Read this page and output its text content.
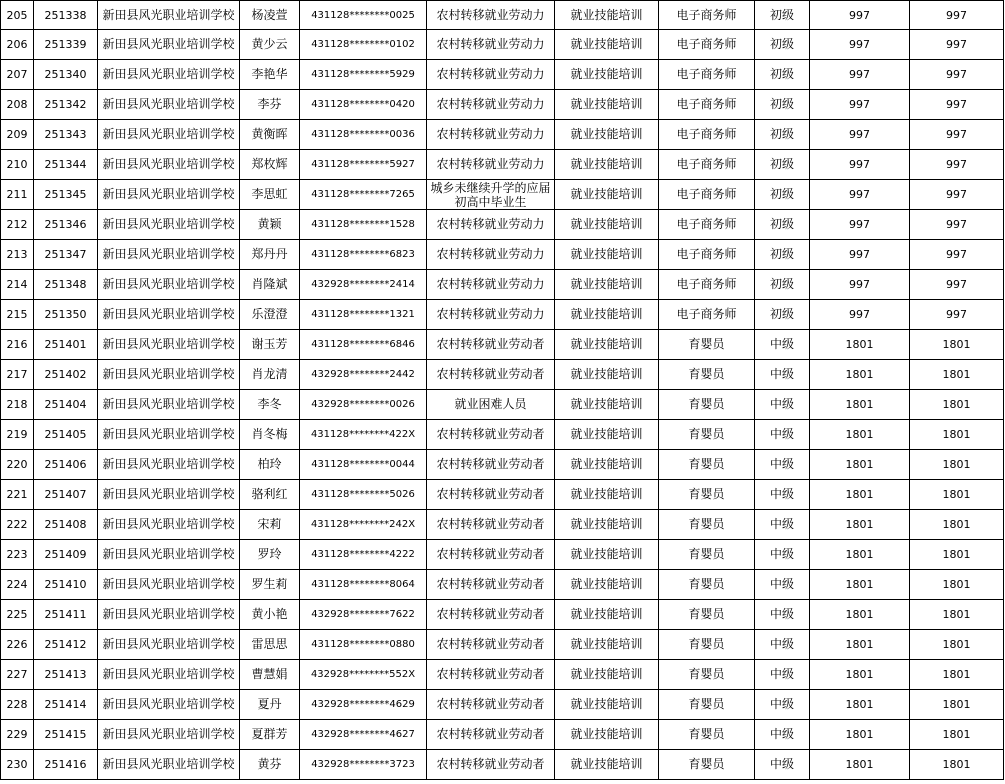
205	251338	新田县风光职业培训学校	杨凌萱	431128********0025	农村转移就业劳动力	就业技能培训	电子商务师	初级	997	997
206	251339	新田县风光职业培训学校	黄少云	431128********0102	农村转移就业劳动力	就业技能培训	电子商务师	初级	997	997
207	251340	新田县风光职业培训学校	李艳华	431128********5929	农村转移就业劳动力	就业技能培训	电子商务师	初级	997	997
208	251342	新田县风光职业培训学校	李芬	431128********0420	农村转移就业劳动力	就业技能培训	电子商务师	初级	997	997
209	251343	新田县风光职业培训学校	黄衡晖	431128********0036	农村转移就业劳动力	就业技能培训	电子商务师	初级	997	997
210	251344	新田县风光职业培训学校	郑枚辉	431128********5927	农村转移就业劳动力	就业技能培训	电子商务师	初级	997	997
211	251345	新田县风光职业培训学校	李思虹	431128********7265	城乡未继续升学的应届初高中毕业生	就业技能培训	电子商务师	初级	997	997
212	251346	新田县风光职业培训学校	黄颖	431128********1528	农村转移就业劳动力	就业技能培训	电子商务师	初级	997	997
213	251347	新田县风光职业培训学校	郑丹丹	431128********6823	农村转移就业劳动力	就业技能培训	电子商务师	初级	997	997
214	251348	新田县风光职业培训学校	肖隆斌	432928********2414	农村转移就业劳动力	就业技能培训	电子商务师	初级	997	997
215	251350	新田县风光职业培训学校	乐澄澄	431128********1321	农村转移就业劳动力	就业技能培训	电子商务师	初级	997	997
216	251401	新田县风光职业培训学校	谢玉芳	431128********6846	农村转移就业劳动者	就业技能培训	育婴员	中级	1801	1801
217	251402	新田县风光职业培训学校	肖龙清	432928********2442	农村转移就业劳动者	就业技能培训	育婴员	中级	1801	1801
218	251404	新田县风光职业培训学校	李冬	432928********0026	就业困难人员	就业技能培训	育婴员	中级	1801	1801
219	251405	新田县风光职业培训学校	肖冬梅	431128********422X	农村转移就业劳动者	就业技能培训	育婴员	中级	1801	1801
220	251406	新田县风光职业培训学校	柏玲	431128********0044	农村转移就业劳动者	就业技能培训	育婴员	中级	1801	1801
221	251407	新田县风光职业培训学校	骆利红	431128********5026	农村转移就业劳动者	就业技能培训	育婴员	中级	1801	1801
222	251408	新田县风光职业培训学校	宋莉	431128********242X	农村转移就业劳动者	就业技能培训	育婴员	中级	1801	1801
223	251409	新田县风光职业培训学校	罗玲	431128********4222	农村转移就业劳动者	就业技能培训	育婴员	中级	1801	1801
224	251410	新田县风光职业培训学校	罗生莉	431128********8064	农村转移就业劳动者	就业技能培训	育婴员	中级	1801	1801
225	251411	新田县风光职业培训学校	黄小艳	432928********7622	农村转移就业劳动者	就业技能培训	育婴员	中级	1801	1801
226	251412	新田县风光职业培训学校	雷思思	431128********0880	农村转移就业劳动者	就业技能培训	育婴员	中级	1801	1801
227	251413	新田县风光职业培训学校	曹慧娟	432928********552X	农村转移就业劳动者	就业技能培训	育婴员	中级	1801	1801
228	251414	新田县风光职业培训学校	夏丹	432928********4629	农村转移就业劳动者	就业技能培训	育婴员	中级	1801	1801
229	251415	新田县风光职业培训学校	夏群芳	432928********4627	农村转移就业劳动者	就业技能培训	育婴员	中级	1801	1801
230	251416	新田县风光职业培训学校	黄芬	432928********3723	农村转移就业劳动者	就业技能培训	育婴员	中级	1801	1801
